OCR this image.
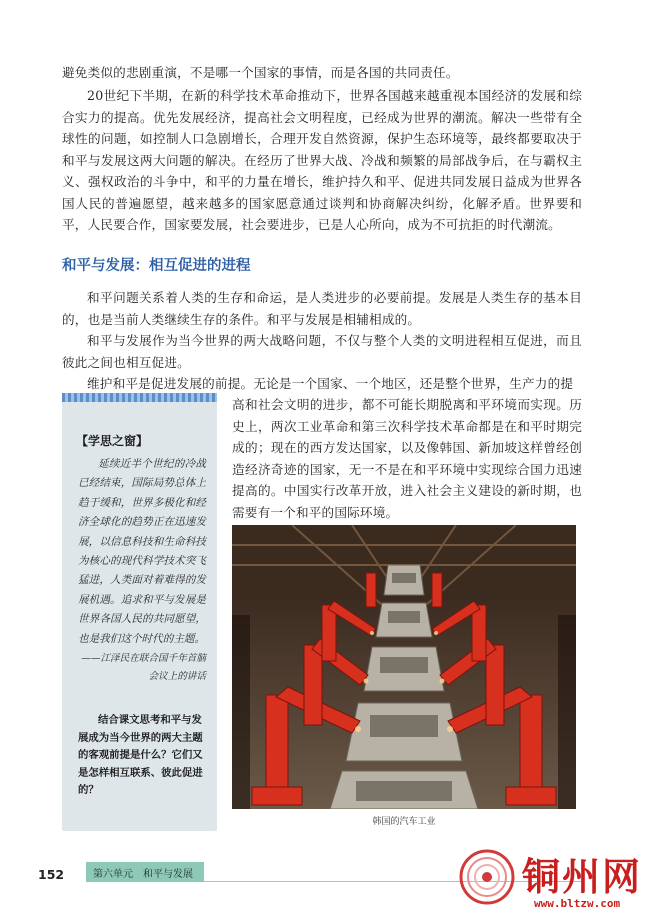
避免类似的悲剧重演，不是哪一个国家的事情，而是各国的共同责任。

20世纪下半期，在新的科学技术革命推动下，世界各国越来越重视本国经济的发展和综合实力的提高。优先发展经济，提高社会文明程度，已经成为世界的潮流。解决一些带有全球性的问题，如控制人口急剧增长，合理开发自然资源，保护生态环境等，最终都要取决于和平与发展这两大问题的解决。在经历了世界大战、冷战和频繁的局部战争后，在与霸权主义、强权政治的斗争中，和平的力量在增长，维护持久和平、促进共同发展日益成为世界各国人民的普遍愿望，越来越多的国家愿意通过谈判和协商解决纠纷，化解矛盾。世界要和平，人民要合作，国家要发展，社会要进步，已是人心所向，成为不可抗拒的时代潮流。

和平与发展：相互促进的进程

和平问题关系着人类的生存和命运，是人类进步的必要前提。发展是人类生存的基本目的，也是当前人类继续生存的条件。和平与发展是相辅相成的。

和平与发展作为当今世界的两大战略问题，不仅与整个人类的文明进程相互促进，而且彼此之间也相互促进。

维护和平是促进发展的前提。无论是一个国家、一个地区，还是整个世界，生产力的提

高和社会文明的进步，都不可能长期脱离和平环境而实现。历史上，两次工业革命和第三次科学技术革命都是在和平时期完成的；现在的西方发达国家，以及像韩国、新加坡这样曾经创造经济奇迹的国家，无一不是在和平环境中实现综合国力迅速提高的。中国实行改革开放，进入社会主义建设的新时期，也需要有一个和平的国际环境。

【学思之窗】

延续近半个世纪的冷战已经结束，国际局势总体上趋于缓和，世界多极化和经济全球化的趋势正在迅速发展，以信息科技和生命科技为核心的现代科学技术突飞猛进，人类面对着难得的发展机遇。追求和平与发展是世界各国人民的共同愿望，也是我们这个时代的主题。

——江泽民在联合国千年首脑会议上的讲话

结合课文思考和平与发展成为当今世界的两大主题的客观前提是什么？它们又是怎样相互联系、彼此促进的？

韩国的汽车工业
152	第六单元　和平与发展	铜州网
www.bltzw.com
